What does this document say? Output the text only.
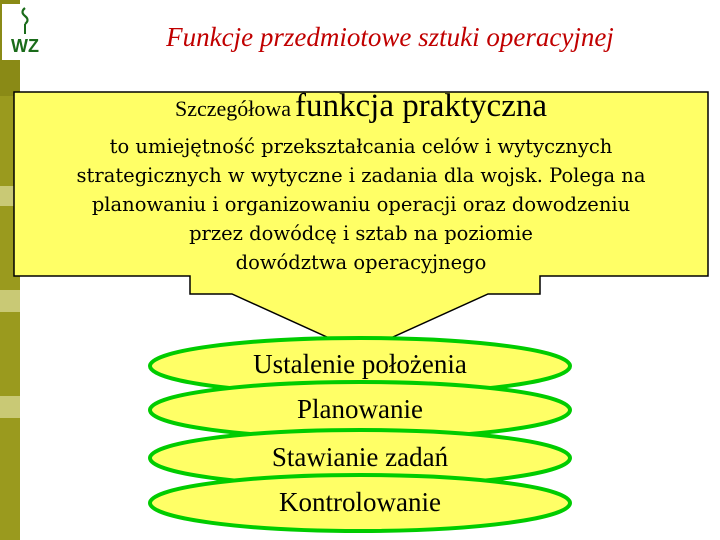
WZ	Funkcje przedmiotowe sztuki operacyjnej
Szczegółowa funkcja praktyczna
to umiejętność przekształcania celów i wytycznych
strategicznych w wytyczne i zadania dla wojsk. Polega na
planowaniu i organizowaniu operacji oraz dowodzeniu
przez dowódcę i sztab na poziomie
dowództwa operacyjnego
Ustalenie położenia
Planowanie
Stawianie zadań
Kontrolowanie
